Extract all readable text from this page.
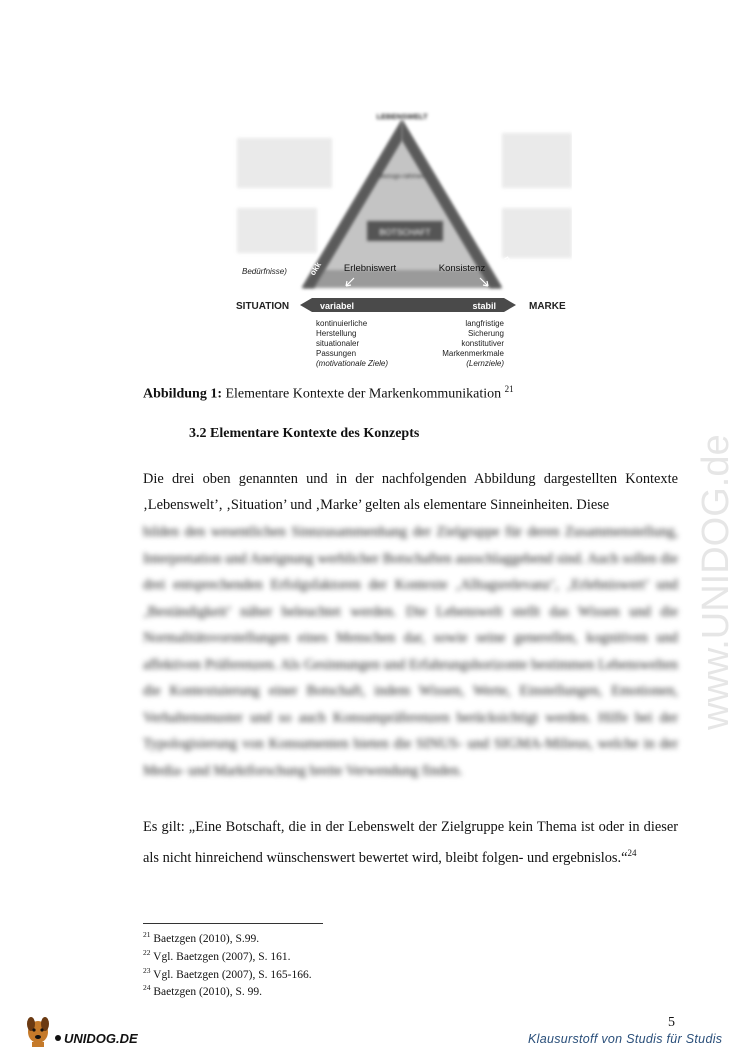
BOTSCHAFT
Bezugs-rahmen
LEBENSWELT
Erlebniswert	Konsistenz
okk	nen
Bedürfnisse)
variabel	stabil
SITUATION	MARKE
kontinuierliche
Herstellung
situationaler
Passungen
(motivationale Ziele)
langfristige
Sicherung
konstitutiver
Markenmerkmale
(Lernziele)
Abbildung 1: Elementare Kontexte der Markenkommunikation $^{21}$
3.2 Elementare Kontexte des Konzepts
Die drei oben genannten und in der nachfolgenden Abbildung dargestellten Kontexte ‚Lebenswelt’, ‚Situation’ und ‚Marke’ gelten als elementare Sinneinheiten. Diese
bilden den wesentlichen Sinnzusammenhang der Zielgruppe für deren Zusammenstellung, Interpretation und Aneignung werblicher Botschaften ausschlaggebend sind. Auch sollen die drei entsprechenden Erfolgsfaktoren der Kontexte ‚Alltagsrelevanz’, ‚Erlebniswert’ und ‚Beständigkeit’ näher beleuchtet werden. Die Lebenswelt stellt das Wissen und die Normalitätsvorstellungen eines Menschen dar, sowie seine generellen, kognitiven und affektiven Präferenzen. Als Gesinnungen und Erfahrungshorizonte bestimmen Lebenswelten die Kontextuierung einer Botschaft, indem Wissen, Werte, Einstellungen, Emotionen, Verhaltensmuster und so auch Konsumpräferenzen berücksichtigt werden. Hilfe bei der Typologisierung von Konsumenten bieten die SINUS- und SIGMA-Milieus, welche in der Media- und Marktforschung breite Verwendung finden.
Es gilt: „Eine Botschaft, die in der Lebenswelt der Zielgruppe kein Thema ist oder in dieser als nicht hinreichend wünschenswert bewertet wird, bleibt folgen- und ergebnislos.“$^{24}$
$^{21}$ Baetzgen (2010), S.99.
$^{22}$ Vgl. Baetzgen (2007), S. 161.
$^{23}$ Vgl. Baetzgen (2007), S. 165-166.
$^{24}$ Baetzgen (2010), S. 99.
5
UNIDOG.DE	Klausurstoff von Studis für Studis
www.UNIDOG.de
